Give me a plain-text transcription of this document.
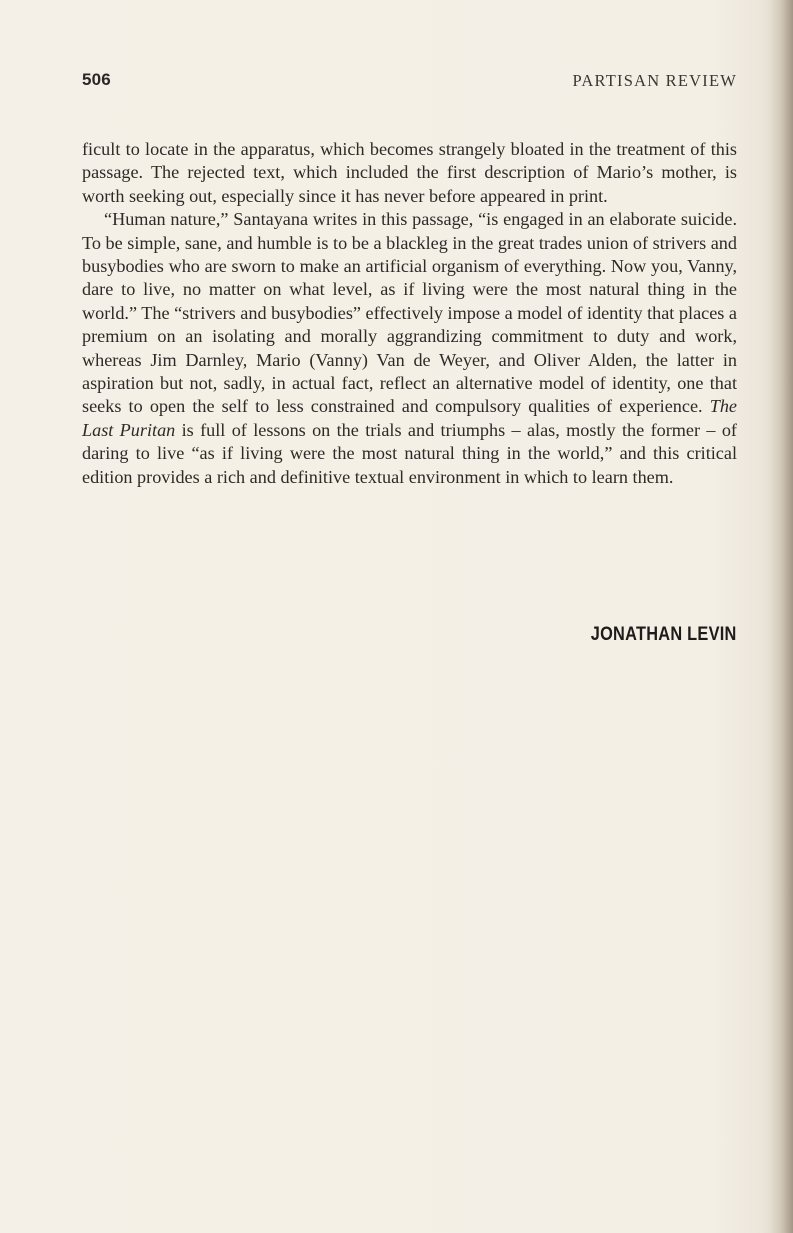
506	PARTISAN REVIEW

ficult to locate in the apparatus, which becomes strangely bloated in the treatment of this passage. The rejected text, which included the first description of Mario’s mother, is worth seeking out, especially since it has never before appeared in print.

“Human nature,” Santayana writes in this passage, “is engaged in an elaborate suicide. To be simple, sane, and humble is to be a blackleg in the great trades union of strivers and busybodies who are sworn to make an artificial organism of everything. Now you, Vanny, dare to live, no matter on what level, as if living were the most natural thing in the world.” The “strivers and busybodies” effectively impose a model of identity that places a premium on an isolating and morally aggrandizing commitment to duty and work, whereas Jim Darnley, Mario (Vanny) Van de Weyer, and Oliver Alden, the latter in aspiration but not, sadly, in actual fact, reflect an alternative model of identity, one that seeks to open the self to less constrained and compulsory qualities of experience. The Last Puritan is full of lessons on the trials and triumphs – alas, mostly the former – of daring to live “as if living were the most natural thing in the world,” and this critical edition provides a rich and definitive textual environment in which to learn them.

JONATHAN LEVIN
